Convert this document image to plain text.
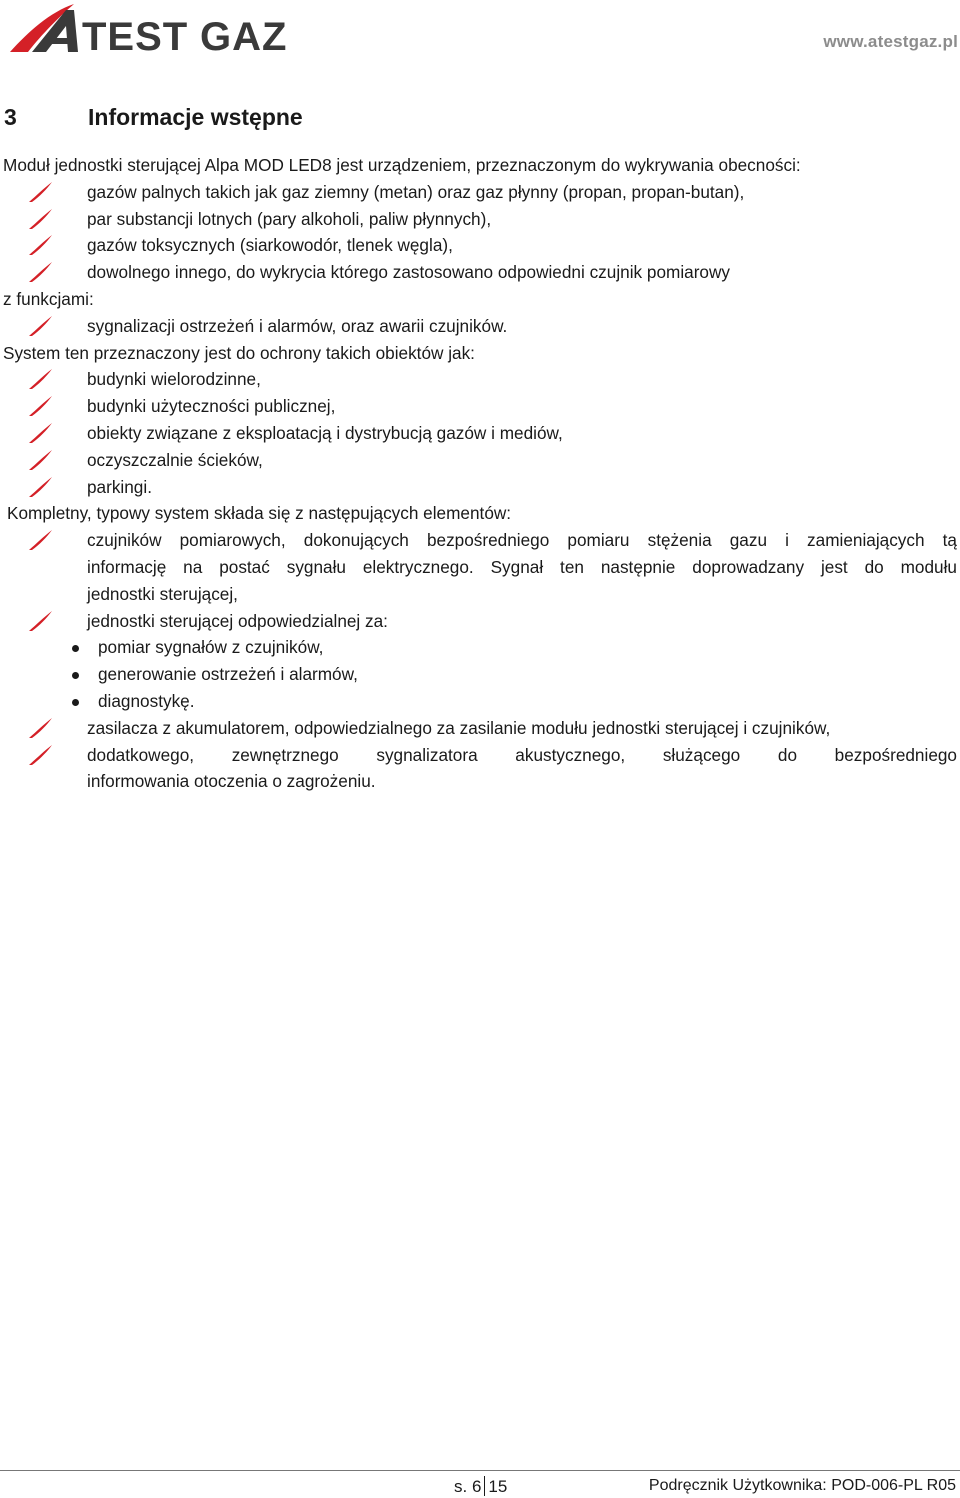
TEST GAZ	www.atestgaz.pl
3	Informacje wstępne
Moduł jednostki sterującej Alpa MOD LED8 jest urządzeniem, przeznaczonym do wykrywania obecności:
gazów palnych takich jak gaz ziemny (metan) oraz gaz płynny (propan, propan-butan),
par substancji lotnych (pary alkoholi, paliw płynnych),
gazów toksycznych (siarkowodór, tlenek węgla),
dowolnego innego, do wykrycia którego zastosowano odpowiedni czujnik pomiarowy
z funkcjami:
sygnalizacji ostrzeżeń i alarmów, oraz awarii czujników.
System ten przeznaczony jest do ochrony takich obiektów jak:
budynki wielorodzinne,
budynki użyteczności publicznej,
obiekty związane z eksploatacją i dystrybucją gazów i mediów,
oczyszczalnie ścieków,
parkingi.
Kompletny, typowy system składa się z następujących elementów:
czujników pomiarowych, dokonujących bezpośredniego pomiaru stężenia gazu i zamieniających tą
informację na postać sygnału elektrycznego. Sygnał ten następnie doprowadzany jest do modułu
jednostki sterującej,
jednostki sterującej odpowiedzialnej za:
pomiar sygnałów z czujników,
generowanie ostrzeżeń i alarmów,
diagnostykę.
zasilacza z akumulatorem, odpowiedzialnego za zasilanie modułu jednostki sterującej i czujników,
dodatkowego, zewnętrznego sygnalizatora akustycznego, służącego do bezpośredniego
informowania otoczenia o zagrożeniu.
s. 6 15	Podręcznik Użytkownika: POD-006-PL R05
